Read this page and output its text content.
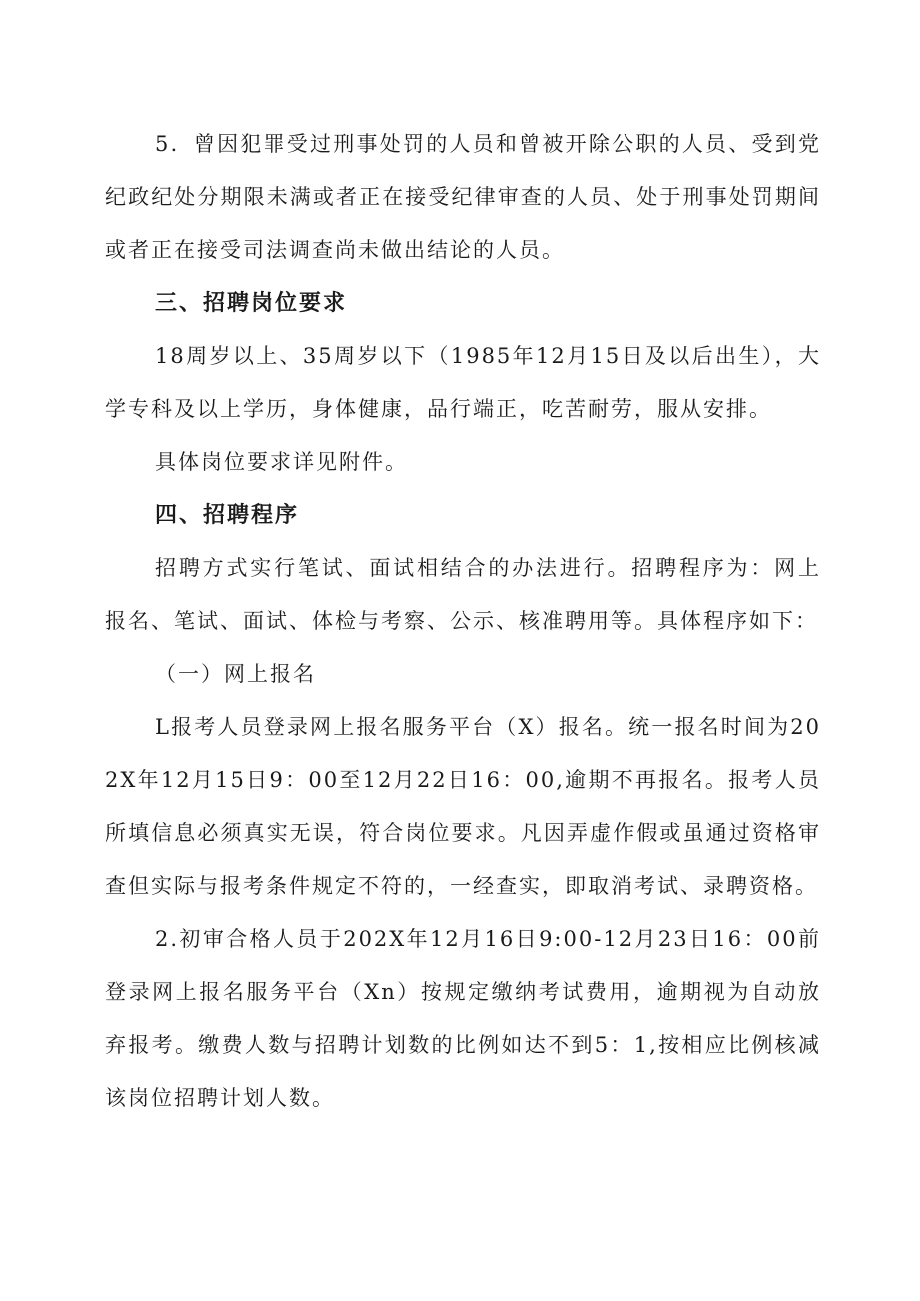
5．曾因犯罪受过刑事处罚的人员和曾被开除公职的人员、受到党纪政纪处分期限未满或者正在接受纪律审查的人员、处于刑事处罚期间或者正在接受司法调查尚未做出结论的人员。

三、招聘岗位要求

18周岁以上、35周岁以下（1985年12月15日及以后出生），大学专科及以上学历，身体健康，品行端正，吃苦耐劳，服从安排。

具体岗位要求详见附件。

四、招聘程序

招聘方式实行笔试、面试相结合的办法进行。招聘程序为：网上报名、笔试、面试、体检与考察、公示、核准聘用等。具体程序如下：

（一）网上报名

L报考人员登录网上报名服务平台（X）报名。统一报名时间为202X年12月15日9：00至12月22日16：00,逾期不再报名。报考人员所填信息必须真实无误，符合岗位要求。凡因弄虚作假或虽通过资格审查但实际与报考条件规定不符的，一经查实，即取消考试、录聘资格。

2.初审合格人员于202X年12月16日9:00-12月23日16：00前登录网上报名服务平台（Xn）按规定缴纳考试费用，逾期视为自动放弃报考。缴费人数与招聘计划数的比例如达不到5：1,按相应比例核减该岗位招聘计划人数。
